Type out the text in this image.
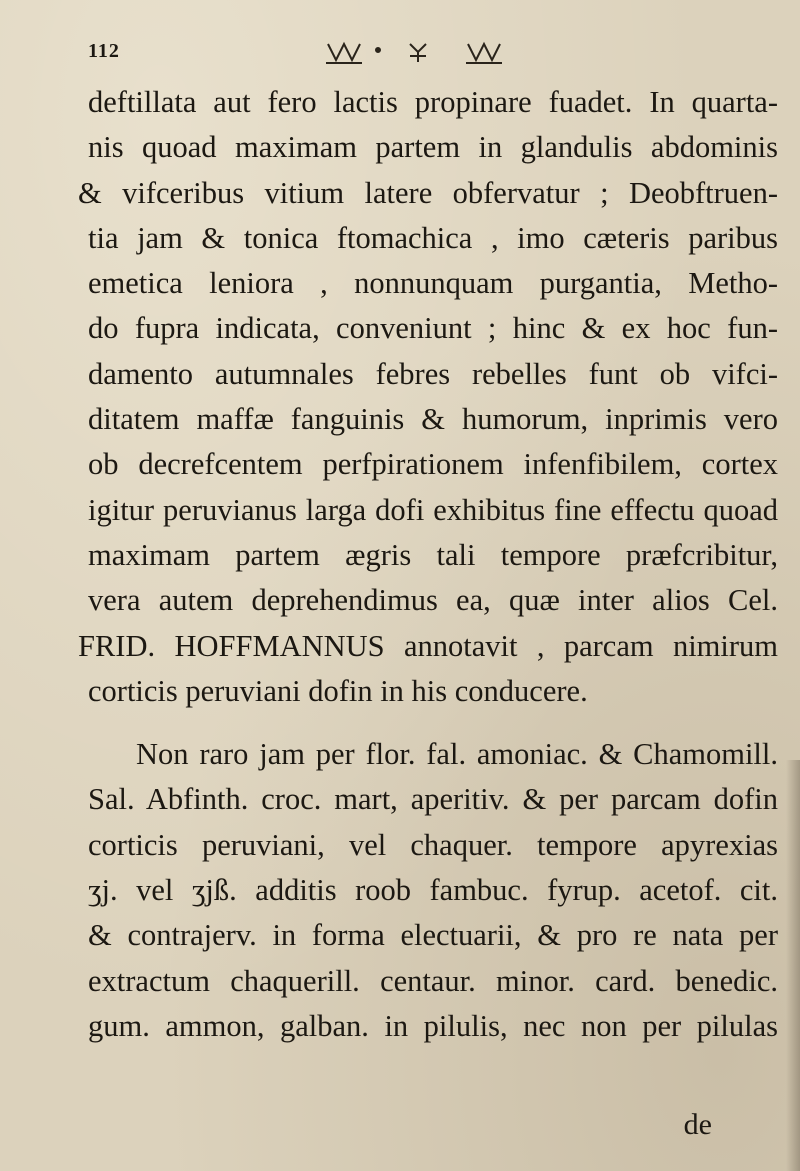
112
deftillata aut fero lactis propinare fuadet. In quarta-
nis quoad maximam partem in glandulis abdominis
& vifceribus vitium latere obfervatur ; Deobftruen-
tia jam & tonica ftomachica , imo cæteris paribus
emetica leniora , nonnunquam purgantia, Metho-
do fupra indicata, conveniunt ; hinc & ex hoc fun-
damento autumnales febres rebelles funt ob vifci-
ditatem maffæ fanguinis & humorum, inprimis vero
ob decrefcentem perfpirationem infenfibilem, cortex
igitur peruvianus larga dofi exhibitus fine effectu quoad
maximam partem ægris tali tempore præfcribitur,
vera autem deprehendimus ea, quæ inter alios Cel.
FRID. HOFFMANNUS annotavit , parcam nimirum
corticis peruviani dofin in his conducere.
Non raro jam per flor. fal. amoniac. & Chamomill.
Sal. Abfinth. croc. mart, aperitiv. & per parcam dofin
corticis peruviani, vel chaquer. tempore apyrexias
ʒj. vel ʒjß. additis roob fambuc. fyrup. acetof. cit.
& contrajerv. in forma electuarii, & pro re nata per
extractum chaquerill. centaur. minor. card. benedic.
gum. ammon, galban. in pilulis, nec non per pilulas
de
